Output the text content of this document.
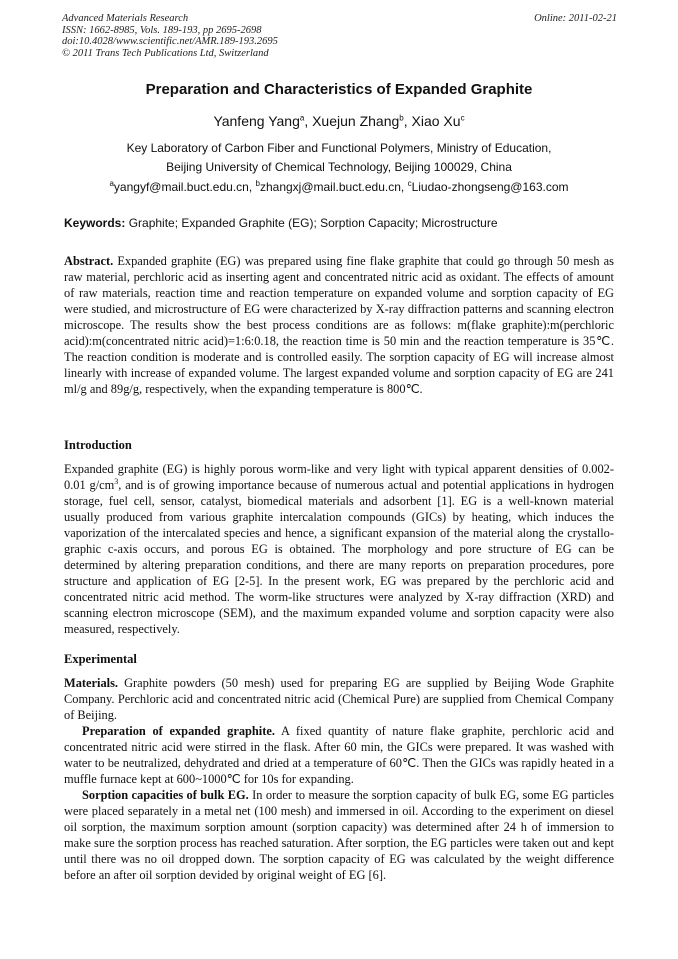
Advanced Materials Research
ISSN: 1662-8985, Vols. 189-193, pp 2695-2698
doi:10.4028/www.scientific.net/AMR.189-193.2695
© 2011 Trans Tech Publications Ltd, Switzerland
Online: 2011-02-21
Preparation and Characteristics of Expanded Graphite
Yanfeng Yang$^a$, Xuejun Zhang$^b$, Xiao Xu$^c$
Key Laboratory of Carbon Fiber and Functional Polymers, Ministry of Education,
Beijing University of Chemical Technology, Beijing 100029, China
$^a$yangyf@mail.buct.edu.cn, $^b$zhangxj@mail.buct.edu.cn, $^c$Liudao-zhongseng@163.com
Keywords: Graphite; Expanded Graphite (EG); Sorption Capacity; Microstructure

Abstract. Expanded graphite (EG) was prepared using fine flake graphite that could go through 50 mesh as raw material, perchloric acid as inserting agent and concentrated nitric acid as oxidant. The effects of amount of raw materials, reaction time and reaction temperature on expanded volume and sorption capacity of EG were studied, and microstructure of EG were characterized by X-ray diffraction patterns and scanning electron microscope. The results show the best process conditions are as follows: m(flake graphite):m(perchloric acid):m(concentrated nitric acid)=1:6:0.18, the reaction time is 50 min and the reaction temperature is 35℃. The reaction condition is moderate and is controlled easily. The sorption capacity of EG will increase almost linearly with increase of expanded volume. The largest expanded volume and sorption capacity of EG are 241 ml/g and 89g/g, respectively, when the expanding temperature is 800℃.

Introduction

Expanded graphite (EG) is highly porous worm-like and very light with typical apparent densities of 0.002-0.01 $g/cm^3$, and is of growing importance because of numerous actual and potential applications in hydrogen storage, fuel cell, sensor, catalyst, biomedical materials and adsorbent [1]. EG is a well-known material usually produced from various graphite intercalation compounds (GICs) by heating, which induces the vaporization of the intercalated species and hence, a significant expansion of the material along the crystallo-graphic c-axis occurs, and porous EG is obtained. The morphology and pore structure of EG can be determined by altering preparation conditions, and there are many reports on preparation procedures, pore structure and application of EG [2-5]. In the present work, EG was prepared by the perchloric acid and concentrated nitric acid method. The worm-like structures were analyzed by X-ray diffraction (XRD) and scanning electron microscope (SEM), and the maximum expanded volume and sorption capacity were also measured, respectively.

Experimental

Materials. Graphite powders (50 mesh) used for preparing EG are supplied by Beijing Wode Graphite Company. Perchloric acid and concentrated nitric acid (Chemical Pure) are supplied from Chemical Company of Beijing.

Preparation of expanded graphite. A fixed quantity of nature flake graphite, perchloric acid and concentrated nitric acid were stirred in the flask. After 60 min, the GICs were prepared. It was washed with water to be neutralized, dehydrated and dried at a temperature of 60℃. Then the GICs was rapidly heated in a muffle furnace kept at 600~1000℃ for 10s for expanding.

Sorption capacities of bulk EG. In order to measure the sorption capacity of bulk EG, some EG particles were placed separately in a metal net (100 mesh) and immersed in oil. According to the experiment on diesel oil sorption, the maximum sorption amount (sorption capacity) was determined after 24 h of immersion to make sure the sorption process has reached saturation. After sorption, the EG particles were taken out and kept until there was no oil dropped down. The sorption capacity of EG was calculated by the weight difference before an after oil sorption devided by original weight of EG [6].
